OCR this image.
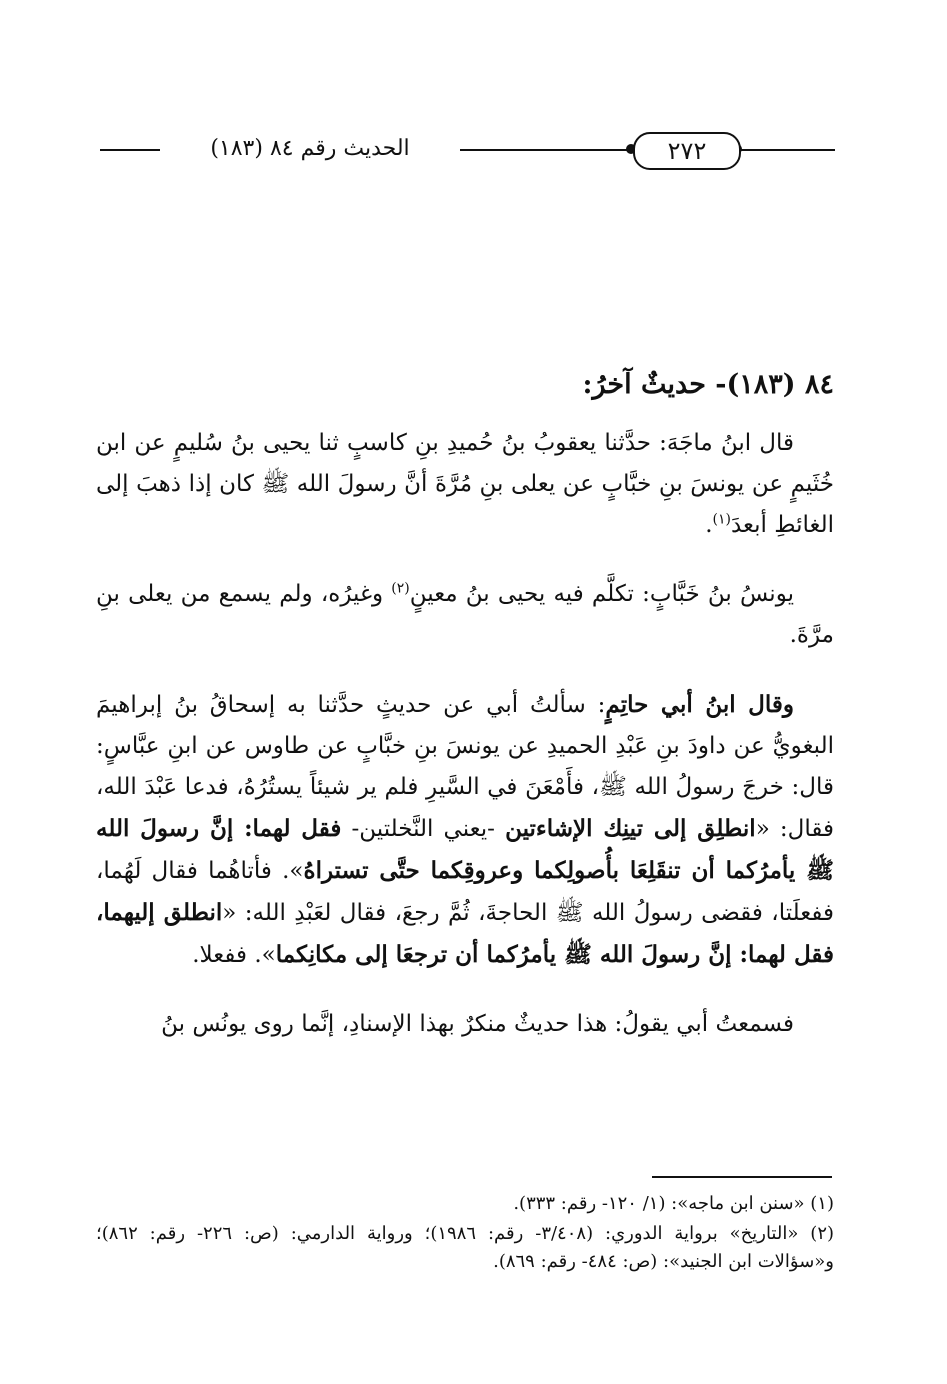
٢٧٢
الحديث رقم ٨٤ (١٨٣)
٨٤ (١٨٣)- حديثٌ آخرُ:

قال ابنُ ماجَهَ: حدَّثنا يعقوبُ بنُ حُميدِ بنِ كاسبٍ ثنا يحيى بنُ سُليمٍ عن ابن خُثَيمٍ عن يونسَ بنِ خبَّابٍ عن يعلى بنِ مُرَّةَ أنَّ رسولَ الله ﷺ كان إذا ذهبَ إلى الغائطِ أبعدَ$^{(١)}$.

يونسُ بنُ خَبَّابٍ: تكلَّم فيه يحيى بنُ معينٍ$^{(٢)}$ وغيرُه، ولم يسمع من يعلى بنِ مرَّةَ.

وقال ابنُ أبي حاتِمٍ: سألتُ أبي عن حديثٍ حدَّثنا به إسحاقُ بنُ إبراهيمَ البغويُّ عن داودَ بنِ عَبْدِ الحميدِ عن يونسَ بنِ خبَّابٍ عن طاوس عن ابنِ عبَّاسٍ: قال: خرجَ رسولُ الله ﷺ، فأَمْعَنَ في السَّيرِ فلم ير شيئاً يستُرُهُ، فدعا عَبْدَ الله، فقال: «انطلِق إلى تينِك الإشاءتين -يعني النَّخلتين- فقل لهما: إنَّ رسولَ الله ﷺ يأمرُكما أن تنقَلِعَا بأُصولِكما وعروقِكما حتَّى تستراهُ». فأتاهُما فقال لَهُما، ففعلَتا، فقضى رسولُ الله ﷺ الحاجةَ، ثُمَّ رجعَ، فقال لعَبْدِ الله: «انطلق إليهما، فقل لهما: إنَّ رسولَ الله ﷺ يأمرُكما أن ترجعَا إلى مكانِكما». ففعلا.

فسمعتُ أبي يقولُ: هذا حديثٌ منكرٌ بهذا الإسنادِ، إنَّما روى يونُس بنُ

(١) «سنن ابن ماجه»: (١/ ١٢٠- رقم: ٣٣٣).

(٢) «التاريخ» برواية الدوري: (٣/٤٠٨- رقم: ١٩٨٦)؛ ورواية الدارمي: (ص: ٢٢٦- رقم: ٨٦٢)؛ و«سؤالات ابن الجنيد»: (ص: ٤٨٤- رقم: ٨٦٩).
